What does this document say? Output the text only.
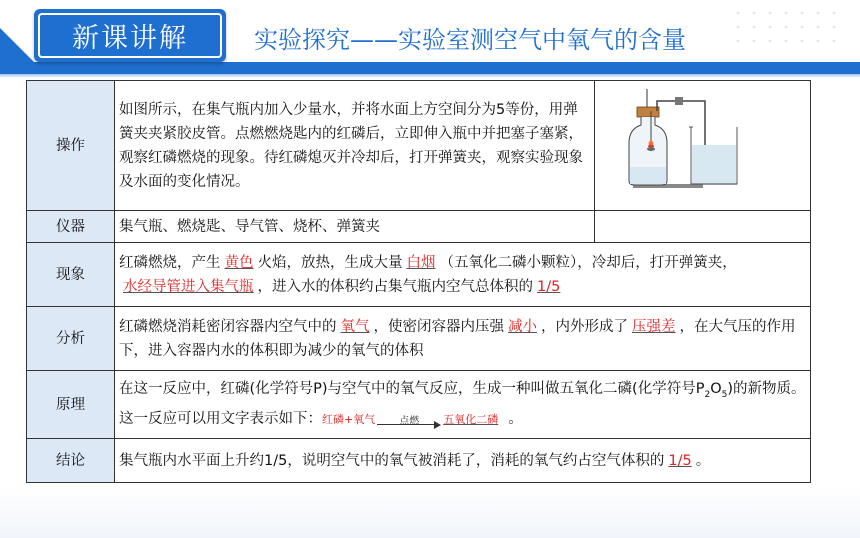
新课讲解	实验探究——实验室测空气中氧气的含量
操作	如图所示，在集气瓶内加入少量水，并将水面上方空间分为5等份，用弹簧夹夹紧胶皮管。点燃燃烧匙内的红磷后，立即伸入瓶中并把塞子塞紧，观察红磷燃烧的现象。待红磷熄灭并冷却后，打开弹簧夹，观察实验现象及水面的变化情况。	
仪器	集气瓶、燃烧匙、导气管、烧杯、弹簧夹	
现象	红磷燃烧，产生 黄色 火焰，放热，生成大量 白烟 （五氧化二磷小颗粒），冷却后，打开弹簧夹，水经导管进入集气瓶 ，进入水的体积约占集气瓶内空气总体积的 1/5	
分析	红磷燃烧消耗密闭容器内空气中的 氧气 ，使密闭容器内压强 减小 ，内外形成了 压强差 ，在大气压的作用下，进入容器内水的体积即为减少的氧气的体积	
原理	在这一反应中，红磷(化学符号P)与空气中的氧气反应，生成一种叫做五氧化二磷(化学符号$P_2O_5$)的新物质。这一反应可以用文字表示如下： 红磷+氧气 点燃 五氧化二磷 。	
结论	集气瓶内水平面上升约1/5，说明空气中的氧气被消耗了，消耗的氧气约占空气体积的 1/5 。	
